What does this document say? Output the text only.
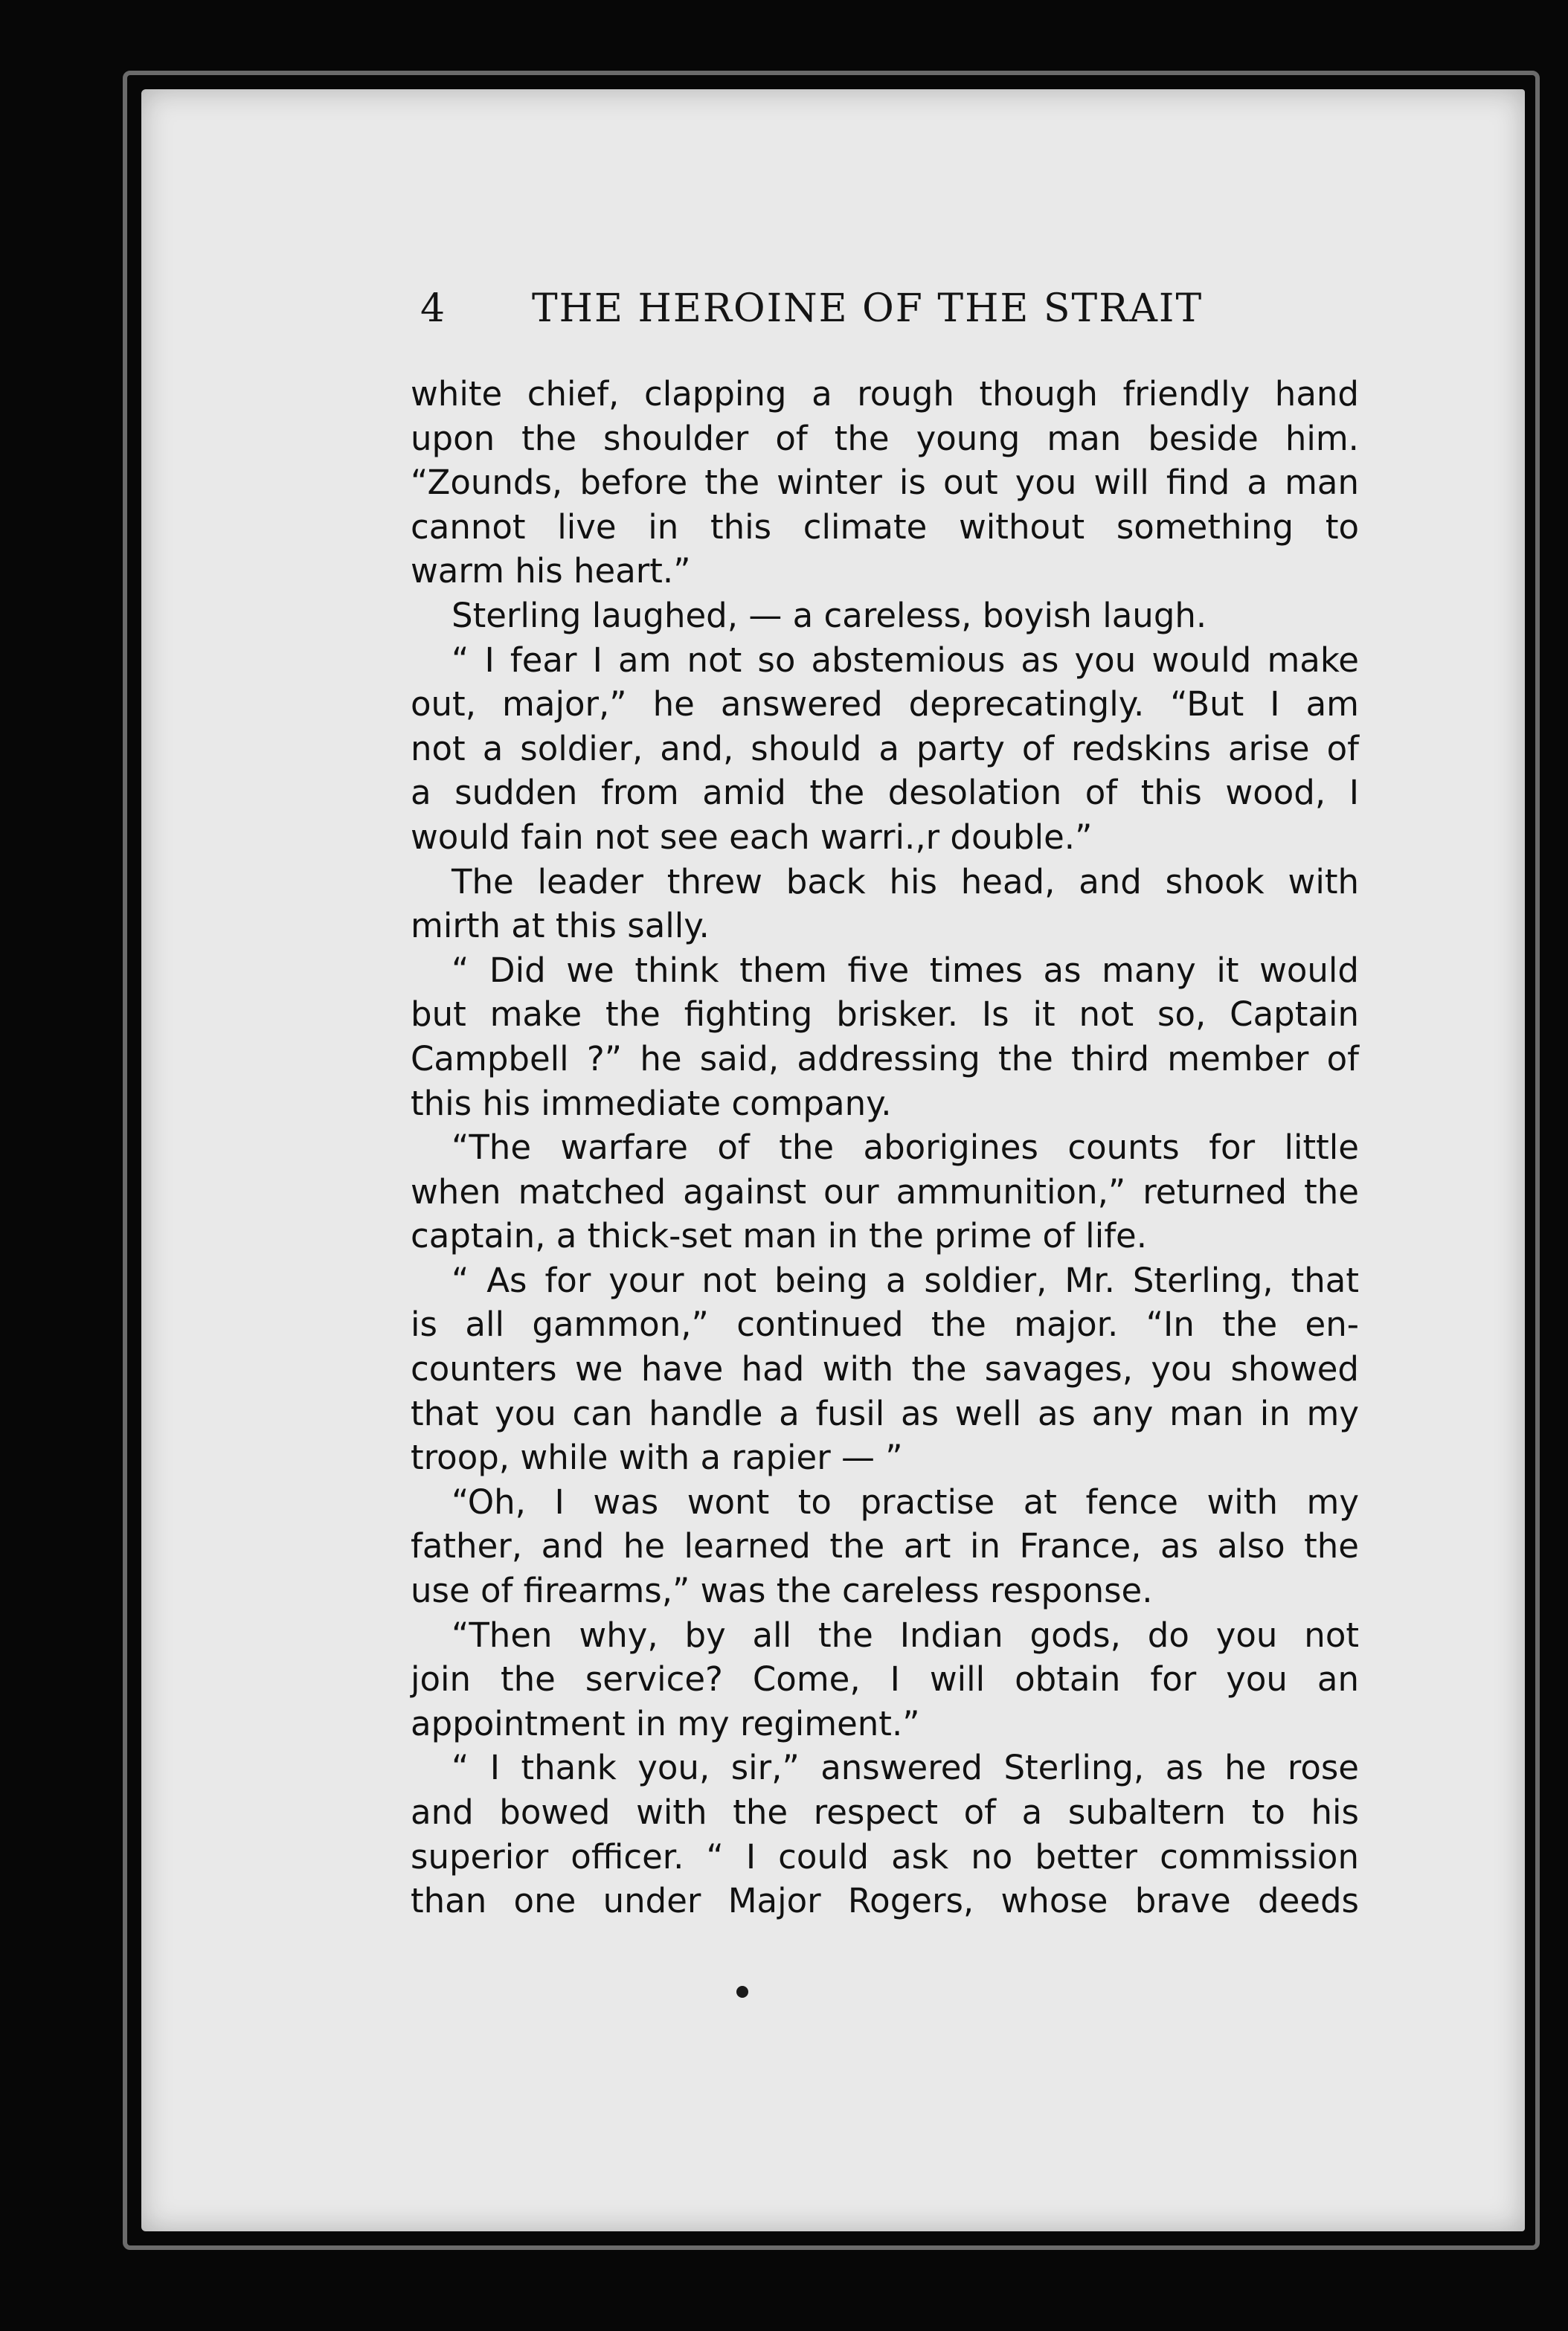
4 THE HEROINE OF THE STRAIT
white chief, clapping a rough though friendly hand
upon the shoulder of the young man beside him.
“Zounds, before the winter is out you will find a man
cannot live in this climate without something to
warm his heart.”
Sterling laughed, — a careless, boyish laugh.
“ I fear I am not so abstemious as you would make
out, major,” he answered deprecatingly. “But I am
not a soldier, and, should a party of redskins arise of
a sudden from amid the desolation of this wood, I
would fain not see each warri.,r double.”
The leader threw back his head, and shook with
mirth at this sally.
“ Did we think them five times as many it would
but make the fighting brisker. Is it not so, Captain
Campbell ?” he said, addressing the third member of
this his immediate company.
“The warfare of the aborigines counts for little
when matched against our ammunition,” returned the
captain, a thick-set man in the prime of life.
“ As for your not being a soldier, Mr. Sterling, that
is all gammon,” continued the major. “In the en-
counters we have had with the savages, you showed
that you can handle a fusil as well as any man in my
troop, while with a rapier — ”
“Oh, I was wont to practise at fence with my
father, and he learned the art in France, as also the
use of firearms,” was the careless response.
“Then why, by all the Indian gods, do you not
join the service? Come, I will obtain for you an
appointment in my regiment.”
“ I thank you, sir,” answered Sterling, as he rose
and bowed with the respect of a subaltern to his
superior officer. “ I could ask no better commission
than one under Major Rogers, whose brave deeds
